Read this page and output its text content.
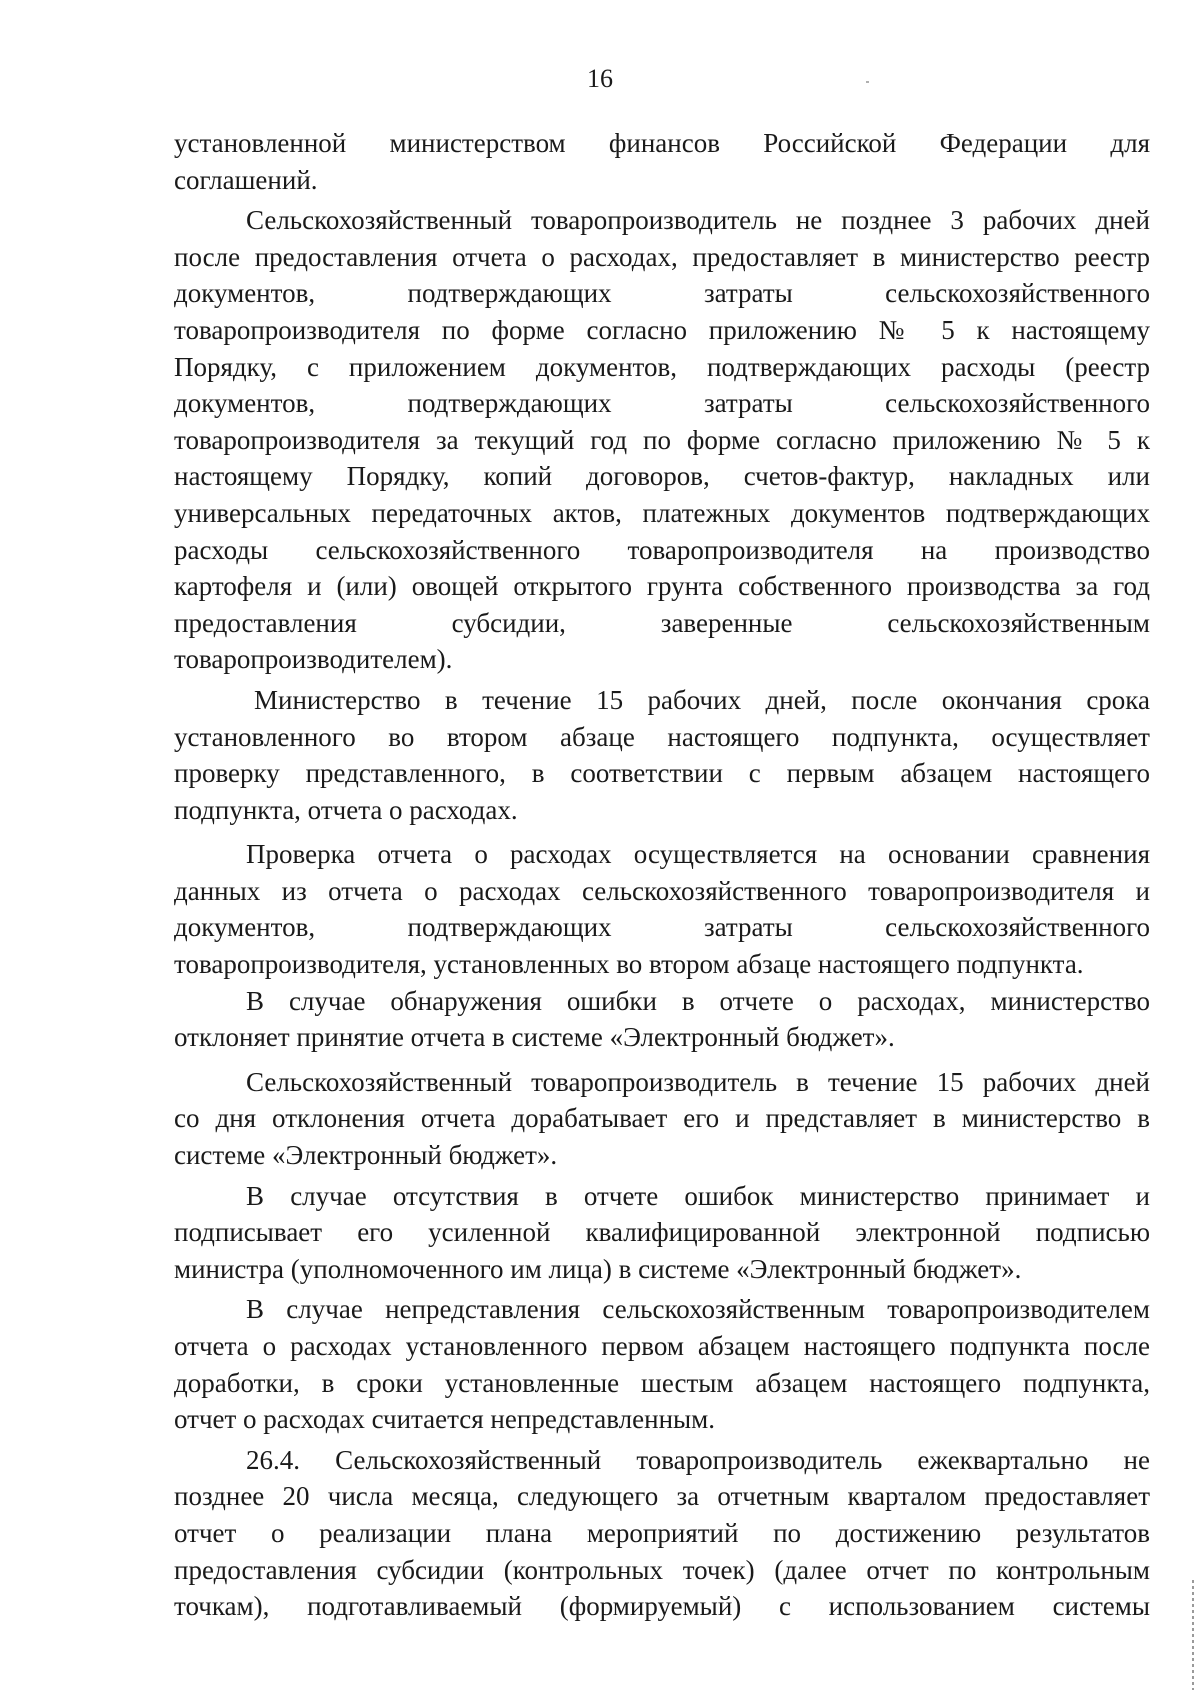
16

установленной министерством финансов Российской Федерации для
соглашений.

Сельскохозяйственный товаропроизводитель не позднее 3 рабочих дней
после предоставления отчета о расходах, предоставляет в министерство реестр
документов, подтверждающих затраты сельскохозяйственного
товаропроизводителя по форме согласно приложению № 5 к настоящему
Порядку, с приложением документов, подтверждающих расходы (реестр
документов, подтверждающих затраты сельскохозяйственного
товаропроизводителя за текущий год по форме согласно приложению № 5 к
настоящему Порядку, копий договоров, счетов-фактур, накладных или
универсальных передаточных актов, платежных документов подтверждающих
расходы сельскохозяйственного товаропроизводителя на производство
картофеля и (или) овощей открытого грунта собственного производства за год
предоставления субсидии, заверенные сельскохозяйственным
товаропроизводителем).

Министерство в течение 15 рабочих дней, после окончания срока
установленного во втором абзаце настоящего подпункта, осуществляет
проверку представленного, в соответствии с первым абзацем настоящего
подпункта, отчета о расходах.

Проверка отчета о расходах осуществляется на основании сравнения
данных из отчета о расходах сельскохозяйственного товаропроизводителя и
документов, подтверждающих затраты сельскохозяйственного
товаропроизводителя, установленных во втором абзаце настоящего подпункта.

В случае обнаружения ошибки в отчете о расходах, министерство
отклоняет принятие отчета в системе «Электронный бюджет».

Сельскохозяйственный товаропроизводитель в течение 15 рабочих дней
со дня отклонения отчета дорабатывает его и представляет в министерство в
системе «Электронный бюджет».

В случае отсутствия в отчете ошибок министерство принимает и
подписывает его усиленной квалифицированной электронной подписью
министра (уполномоченного им лица) в системе «Электронный бюджет».

В случае непредставления сельскохозяйственным товаропроизводителем
отчета о расходах установленного первом абзацем настоящего подпункта после
доработки, в сроки установленные шестым абзацем настоящего подпункта,
отчет о расходах считается непредставленным.

26.4. Сельскохозяйственный товаропроизводитель ежеквартально не
позднее 20 числа месяца, следующего за отчетным кварталом предоставляет
отчет о реализации плана мероприятий по достижению результатов
предоставления субсидии (контрольных точек) (далее отчет по контрольным
точкам), подготавливаемый (формируемый) с использованием системы
